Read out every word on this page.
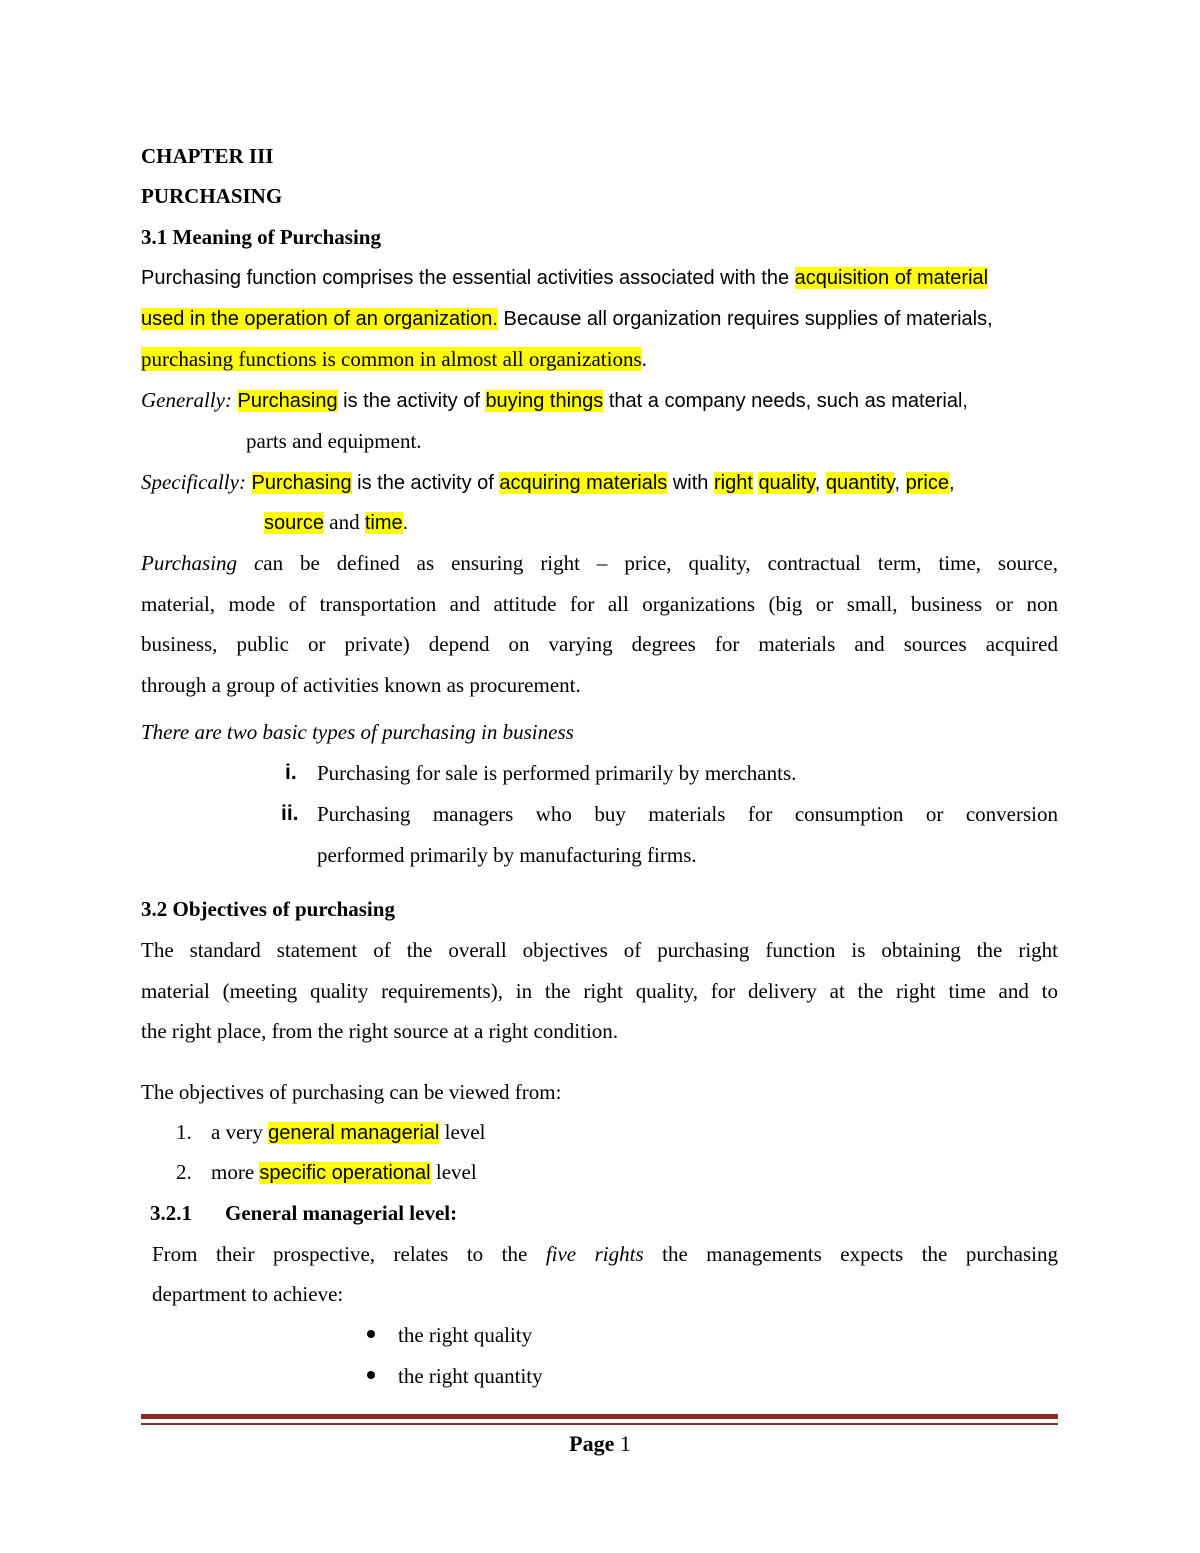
CHAPTER III
PURCHASING
3.1 Meaning of Purchasing
Purchasing function comprises the essential activities associated with the acquisition of material
used in the operation of an organization. Because all organization requires supplies of materials,
purchasing functions is common in almost all organizations.
Generally: Purchasing is the activity of buying things that a company needs, such as material,
parts and equipment.
Specifically: Purchasing is the activity of acquiring materials with right quality, quantity, price,
source and time.
Purchasing can be defined as ensuring right – price, quality, contractual term, time, source,
material, mode of transportation and attitude for all organizations (big or small, business or non
business, public or private) depend on varying degrees for materials and sources acquired
through a group of activities known as procurement.
There are two basic types of purchasing in business
i. Purchasing for sale is performed primarily by merchants.
ii. Purchasing managers who buy materials for consumption or conversion
performed primarily by manufacturing firms.
3.2 Objectives of purchasing
The standard statement of the overall objectives of purchasing function is obtaining the right
material (meeting quality requirements), in the right quality, for delivery at the right time and to
the right place, from the right source at a right condition.
The objectives of purchasing can be viewed from:
1. a very general managerial level
2. more specific operational level
3.2.1	General managerial level:
From their prospective, relates to the five rights the managements expects the purchasing
department to achieve:
the right quality
the right quantity
Page 1
